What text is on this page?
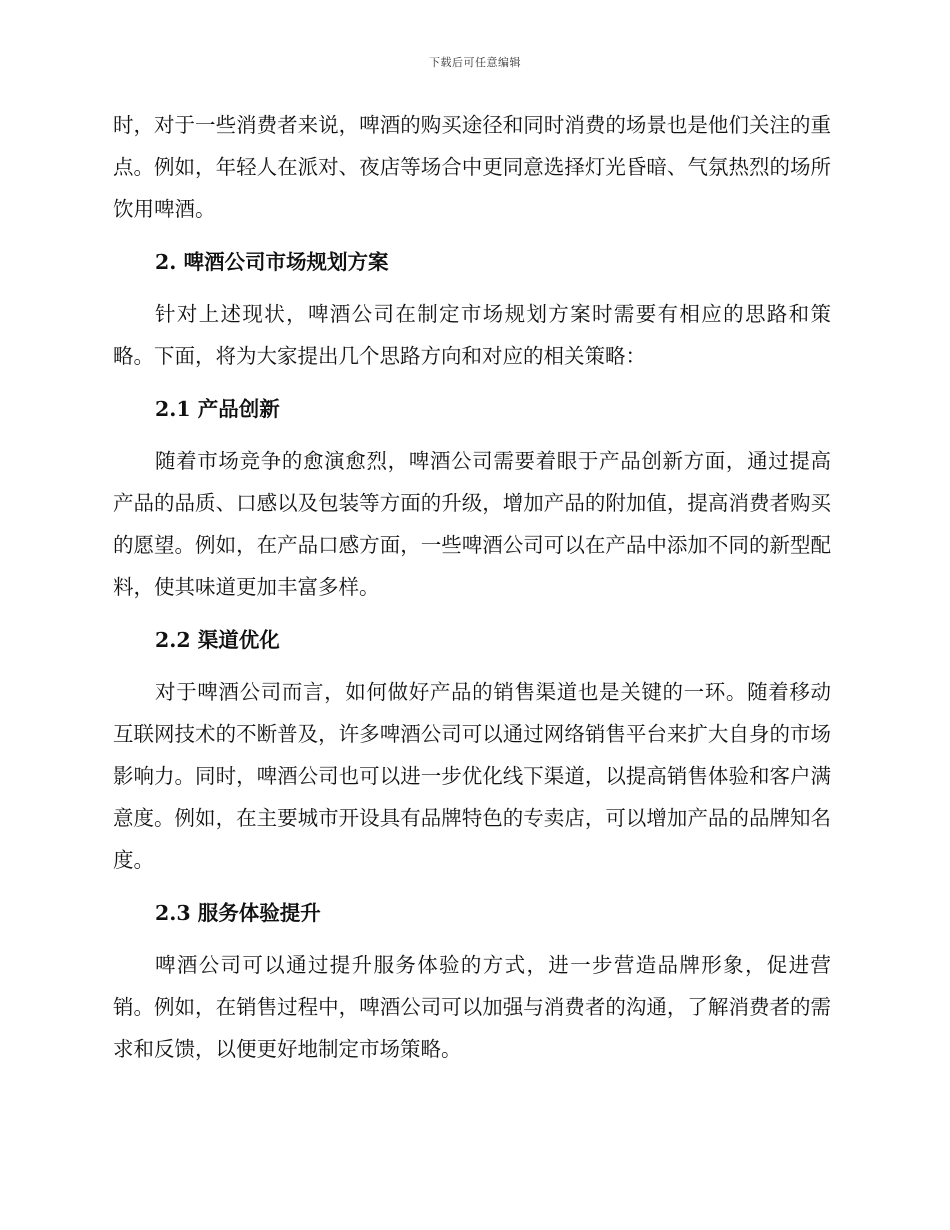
下载后可任意编辑

时，对于一些消费者来说，啤酒的购买途径和同时消费的场景也是他们关注的重点。例如，年轻人在派对、夜店等场合中更同意选择灯光昏暗、气氛热烈的场所饮用啤酒。

2. 啤酒公司市场规划方案

针对上述现状，啤酒公司在制定市场规划方案时需要有相应的思路和策略。下面，将为大家提出几个思路方向和对应的相关策略：

2.1 产品创新

随着市场竞争的愈演愈烈，啤酒公司需要着眼于产品创新方面，通过提高产品的品质、口感以及包装等方面的升级，增加产品的附加值，提高消费者购买的愿望。例如，在产品口感方面，一些啤酒公司可以在产品中添加不同的新型配料，使其味道更加丰富多样。

2.2 渠道优化

对于啤酒公司而言，如何做好产品的销售渠道也是关键的一环。随着移动互联网技术的不断普及，许多啤酒公司可以通过网络销售平台来扩大自身的市场影响力。同时，啤酒公司也可以进一步优化线下渠道，以提高销售体验和客户满意度。例如，在主要城市开设具有品牌特色的专卖店，可以增加产品的品牌知名度。

2.3 服务体验提升

啤酒公司可以通过提升服务体验的方式，进一步营造品牌形象，促进营销。例如，在销售过程中，啤酒公司可以加强与消费者的沟通，了解消费者的需求和反馈，以便更好地制定市场策略。
